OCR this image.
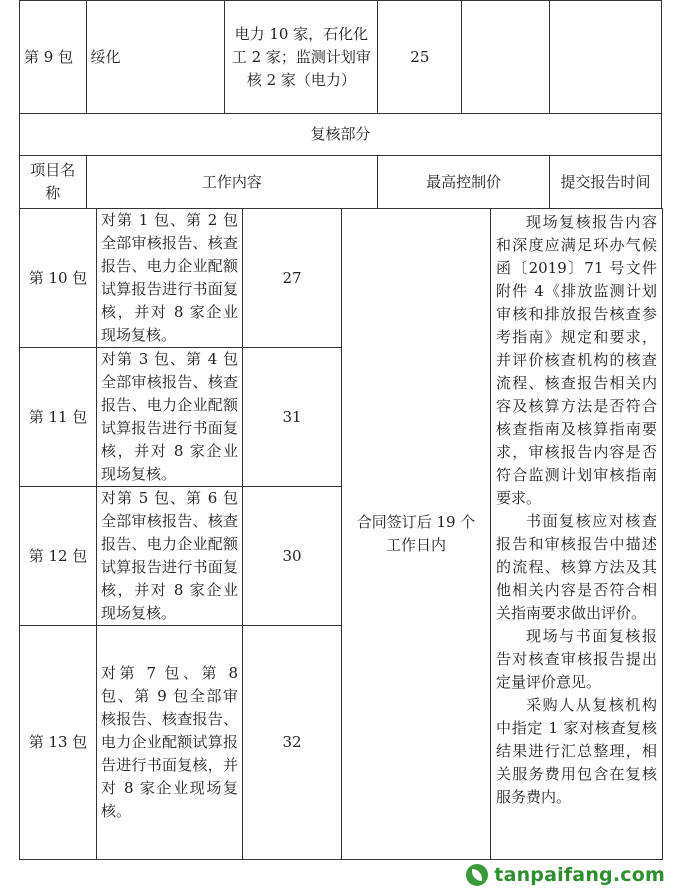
第 9 包	绥化	电力 10 家，石化化工 2 家；监测计划审核 2 家（电力）	25		
复核部分					
项目名称	工作内容		最高控制价		提交报告时间

第 10 包	对第 1 包、第 2 包全部审核报告、核查报告、电力企业配额试算报告进行书面复核，并对 8 家企业现场复核。	27	合同签订后 19 个工作日内	现场复核报告内容和深度应满足环办气候函〔2019〕71 号文件附件 4《排放监测计划审核和排放报告核查参考指南》规定和要求，并评价核查机构的核查流程、核查报告相关内容及核算方法是否符合核查指南及核算指南要求，审核报告内容是否符合监测计划审核指南要求。

书面复核应对核查报告和审核报告中描述的流程、核算方法及其他相关内容是否符合相关指南要求做出评价。

现场与书面复核报告对核查审核报告提出定量评价意见。

采购人从复核机构中指定 1 家对核查复核结果进行汇总整理，相关服务费用包含在复核服务费内。

第 11 包	对第 3 包、第 4 包全部审核报告、核查报告、电力企业配额试算报告进行书面复核，并对 8 家企业现场复核。	31		
第 12 包	对第 5 包、第 6 包全部审核报告、核查报告、电力企业配额试算报告进行书面复核，并对 8 家企业现场复核。	30		
第 13 包	对第 7 包、第 8 包、第 9 包全部审核报告、核查报告、电力企业配额试算报告进行书面复核，并对 8 家企业现场复核。	32		
tanpaifang.com
